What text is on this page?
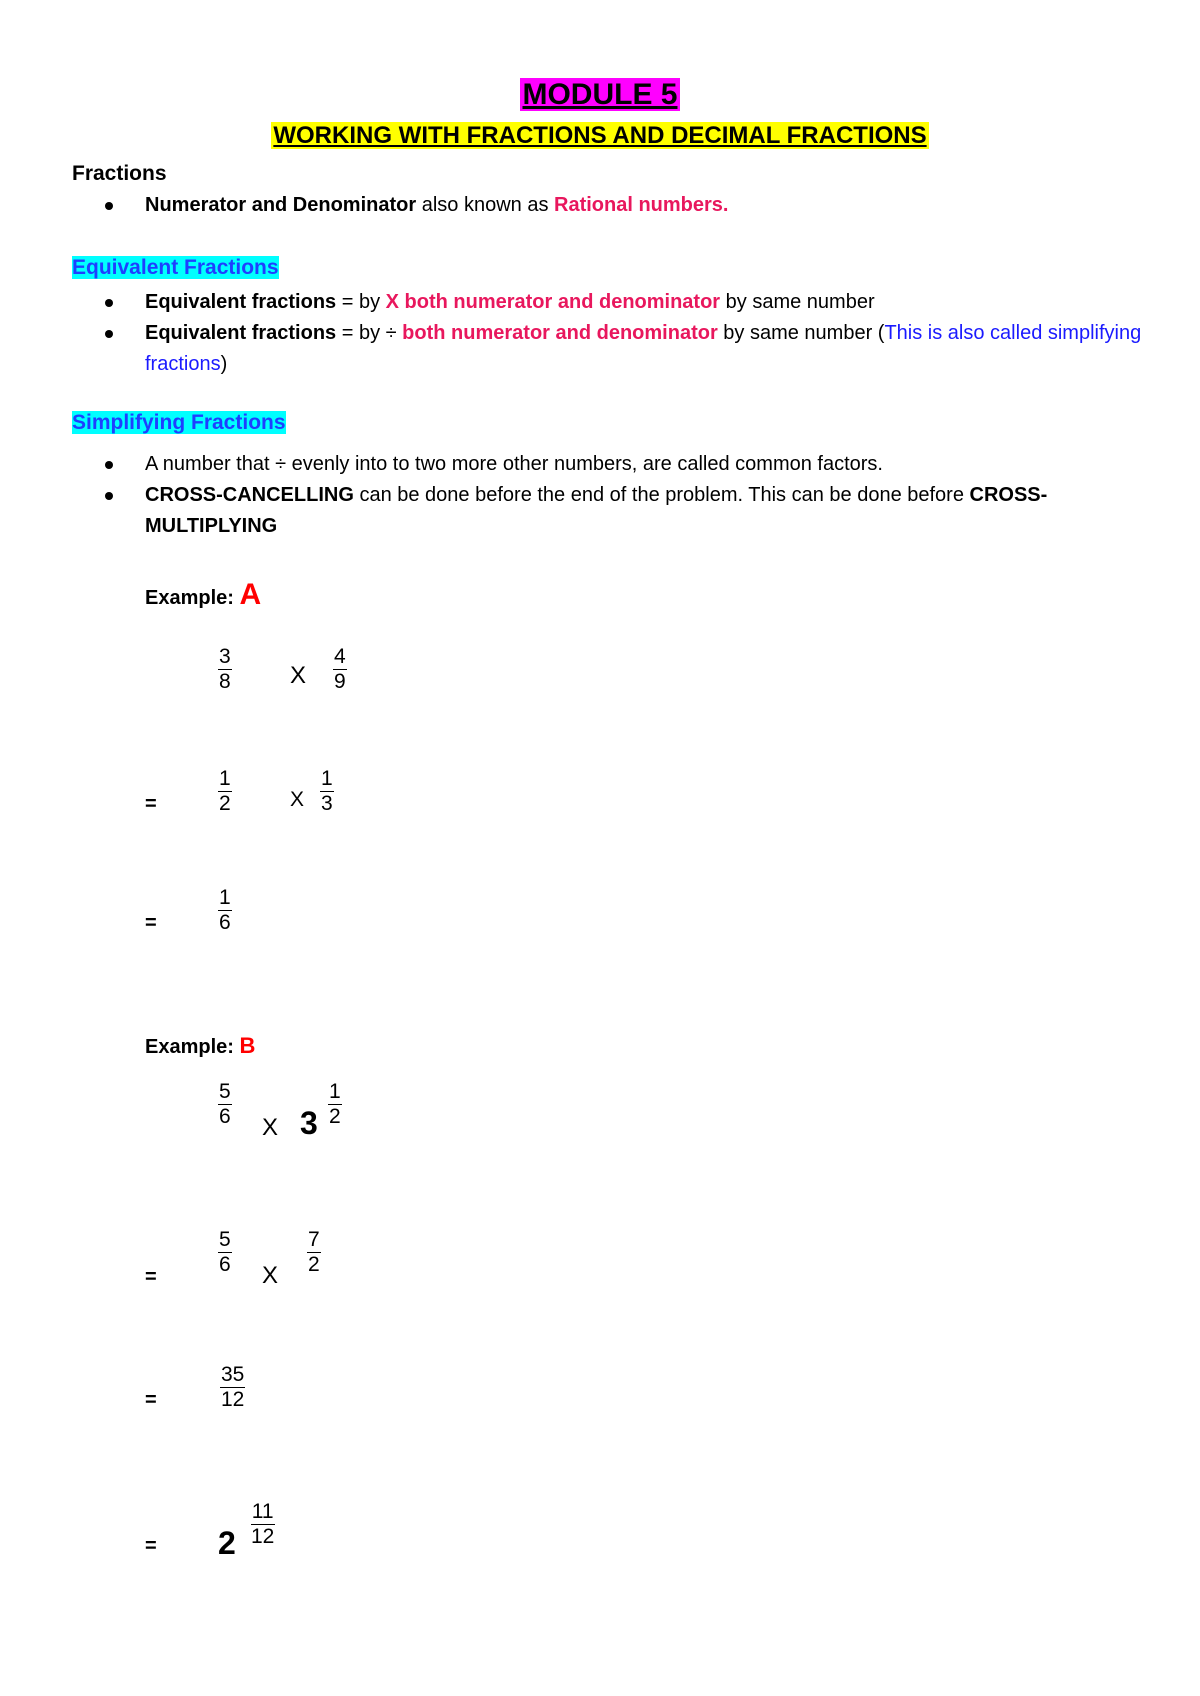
MODULE 5
WORKING WITH FRACTIONS AND DECIMAL FRACTIONS
Fractions
Numerator and Denominator also known as Rational numbers.
Equivalent Fractions
Equivalent fractions = by X both numerator and denominator by same number
Equivalent fractions = by ÷ both numerator and denominator by same number (This is also called simplifying fractions)
Simplifying Fractions
A number that ÷ evenly into to two more other numbers, are called common factors.
CROSS-CANCELLING can be done before the end of the problem. This can be done before CROSS-MULTIPLYING
Example: A
$\frac{3}{8}$ X $\frac{4}{9}$
=	$\frac{1}{2}$	X $\frac{1}{3}$
=	$\frac{1}{6}$
Example: B
$\frac{5}{6}$ X $3 \frac{1}{2}$
=	$\frac{5}{6}$ X $\frac{7}{2}$
=	$\frac{35}{12}$
= $2 \frac{11}{12}$
